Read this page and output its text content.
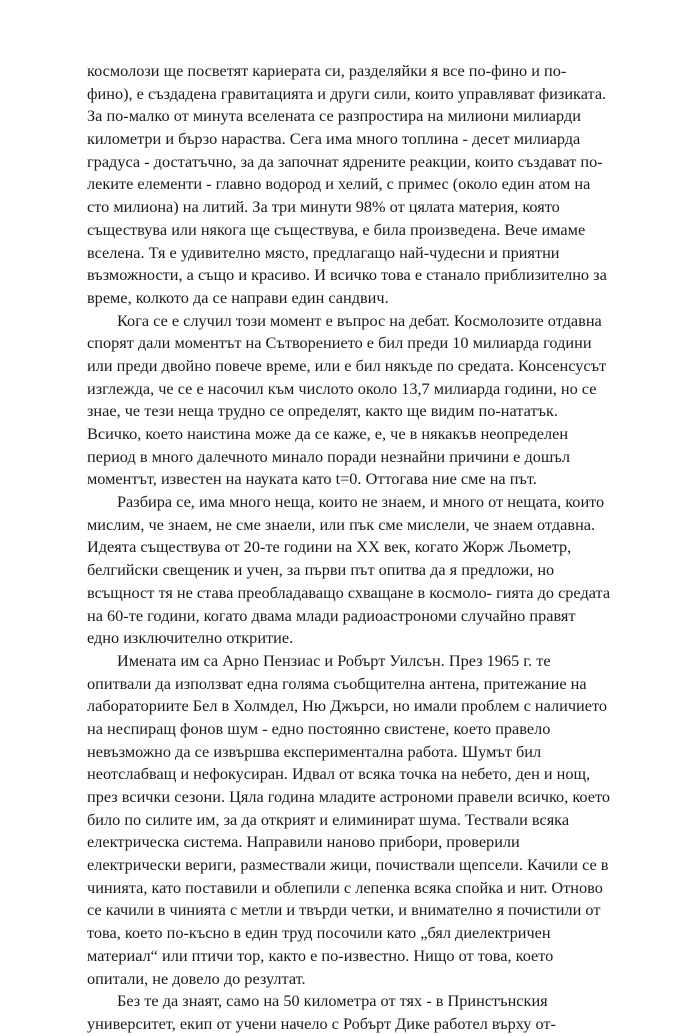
космолози ще посветят кариерата си, разделяйки я все по-фино и по-
фино), е създадена гравитацията и други сили, които управляват физиката.
За по-малко от минута вселената се разпростира на милиони милиарди
километри и бързо нараства. Сега има много топлина - десет милиарда
градуса - достатъчно, за да започнат ядрените реакции, които създават по-
леките елементи - главно водород и хелий, с примес (около един атом на
сто милиона) на литий. За три минути 98% от цялата материя, която
съществува или някога ще съществува, е била произведена. Вече имаме
вселена. Тя е удивително място, предлагащо най-чудесни и приятни
възможности, а също и красиво. И всичко това е станало приблизително за
време, колкото да се направи един сандвич.
Кога се е случил този момент е въпрос на дебат. Космолозите отдавна
спорят дали моментът на Сътворението е бил преди 10 милиарда години
или преди двойно повече време, или е бил някъде по средата. Консенсусът
изглежда, че се е насочил към числото около 13,7 милиарда години, но се
знае, че тези неща трудно се определят, както ще видим по-нататък.
Всичко, което наистина може да се каже, е, че в някакъв неопределен
период в много далечното минало поради незнайни причини е дошъл
моментът, известен на науката като t=0. Оттогава ние сме на път.
Разбира се, има много неща, които не знаем, и много от нещата, които
мислим, че знаем, не сме знаели, или пък сме мислели, че знаем отдавна.
Идеята съществува от 20-те години на XX век, когато Жорж Льометр,
белгийски свещеник и учен, за първи път опитва да я предложи, но
всъщност тя не става преобладаващо схващане в космоло- гията до средата
на 60-те години, когато двама млади радиоастрономи случайно правят
едно изключително откритие.
Имената им са Арно Пензиас и Робърт Уилсън. През 1965 г. те
опитвали да използват една голяма съобщителна антена, притежание на
лабораториите Бел в Холмдел, Ню Джърси, но имали проблем с наличието
на неспиращ фонов шум - едно постоянно свистене, което правело
невъзможно да се извършва експериментална работа. Шумът бил
неотслабващ и нефокусиран. Идвал от всяка точка на небето, ден и нощ,
през всички сезони. Цяла година младите астрономи правели всичко, което
било по силите им, за да открият и елиминират шума. Тествали всяка
електрическа система. Направили наново прибори, проверили
електрически вериги, размествали жици, почиствали щепсели. Качили се в
чинията, като поставили и облепили с лепенка всяка спойка и нит. Отново
се качили в чинията с метли и твърди четки, и внимателно я почистили от
това, което по-късно в един труд посочили като „бял диелектричен
материал“ или птичи тор, както е по-известно. Нищо от това, което
опитали, не довело до резултат.
Без те да знаят, само на 50 километра от тях - в Принстънския
университет, екип от учени начело с Робърт Дике работел върху от-
